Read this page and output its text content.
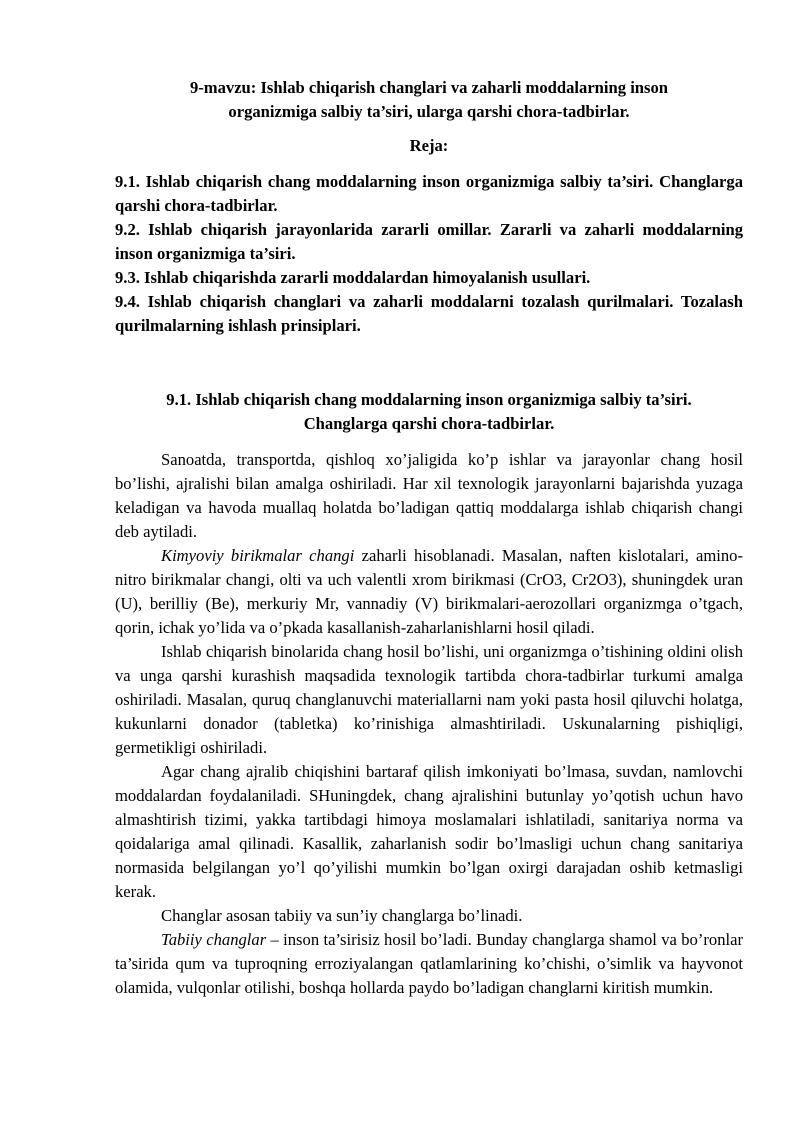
9-mavzu: Ishlab chiqarish changlari va zaharli moddalarning inson
organizmiga salbiy ta’siri, ularga qarshi chora-tadbirlar.
Reja:
9.1. Ishlab chiqarish chang moddalarning inson organizmiga salbiy ta’siri. Changlarga qarshi chora-tadbirlar.
9.2. Ishlab chiqarish jarayonlarida zararli omillar. Zararli va zaharli moddalarning inson organizmiga ta’siri.
9.3. Ishlab chiqarishda zararli moddalardan himoyalanish usullari.
9.4. Ishlab chiqarish changlari va zaharli moddalarni tozalash qurilmalari. Tozalash qurilmalarning ishlash prinsiplari.
9.1. Ishlab chiqarish chang moddalarning inson organizmiga salbiy ta’siri.
Changlarga qarshi chora-tadbirlar.

Sanoatda, transportda, qishloq xo’jaligida ko’p ishlar va jarayonlar chang hosil bo’lishi, ajralishi bilan amalga oshiriladi. Har xil texnologik jarayonlarni bajarishda yuzaga keladigan va havoda muallaq holatda bo’ladigan qattiq moddalarga ishlab chiqarish changi deb aytiladi.

Kimyoviy birikmalar changi zaharli hisoblanadi. Masalan, naften kislotalari, amino-nitro birikmalar changi, olti va uch valentli xrom birikmasi (CrO3, Cr2O3), shuningdek uran (U), berilliy (Be), merkuriy Mr, vannadiy (V) birikmalari-aerozollari organizmga o’tgach, qorin, ichak yo’lida va o’pkada kasallanish-zaharlanishlarni hosil qiladi.

Ishlab chiqarish binolarida chang hosil bo’lishi, uni organizmga o’tishining oldini olish va unga qarshi kurashish maqsadida texnologik tartibda chora-tadbirlar turkumi amalga oshiriladi. Masalan, quruq changlanuvchi materiallarni nam yoki pasta hosil qiluvchi holatga, kukunlarni donador (tabletka) ko’rinishiga almashtiriladi. Uskunalarning pishiqligi, germetikligi oshiriladi.

Agar chang ajralib chiqishini bartaraf qilish imkoniyati bo’lmasa, suvdan, namlovchi moddalardan foydalaniladi. SHuningdek, chang ajralishini butunlay yo’qotish uchun havo almashtirish tizimi, yakka tartibdagi himoya moslamalari ishlatiladi, sanitariya norma va qoidalariga amal qilinadi. Kasallik, zaharlanish sodir bo’lmasligi uchun chang sanitariya normasida belgilangan yo’l qo’yilishi mumkin bo’lgan oxirgi darajadan oshib ketmasligi kerak.

Changlar asosan tabiiy va sun’iy changlarga bo’linadi.

Tabiiy changlar – inson ta’sirisiz hosil bo’ladi. Bunday changlarga shamol va bo’ronlar ta’sirida qum va tuproqning erroziyalangan qatlamlarining ko’chishi, o’simlik va hayvonot olamida, vulqonlar otilishi, boshqa hollarda paydo bo’ladigan changlarni kiritish mumkin.
